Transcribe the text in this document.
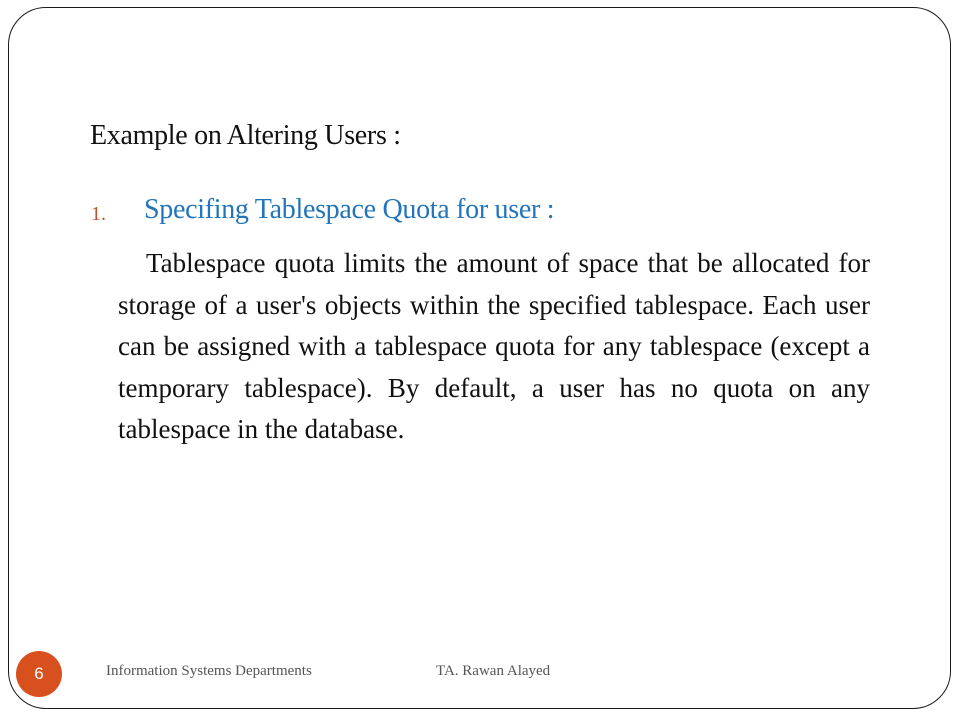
Example on Altering Users :
1. Specifing Tablespace Quota for user :

Tablespace quota limits the amount of space that be allocated for storage of a user's objects within the specified tablespace. Each user can be assigned with a tablespace quota for any tablespace (except a temporary tablespace). By default, a user has no quota on any tablespace in the database.

6	Information Systems Departments	TA. Rawan Alayed
